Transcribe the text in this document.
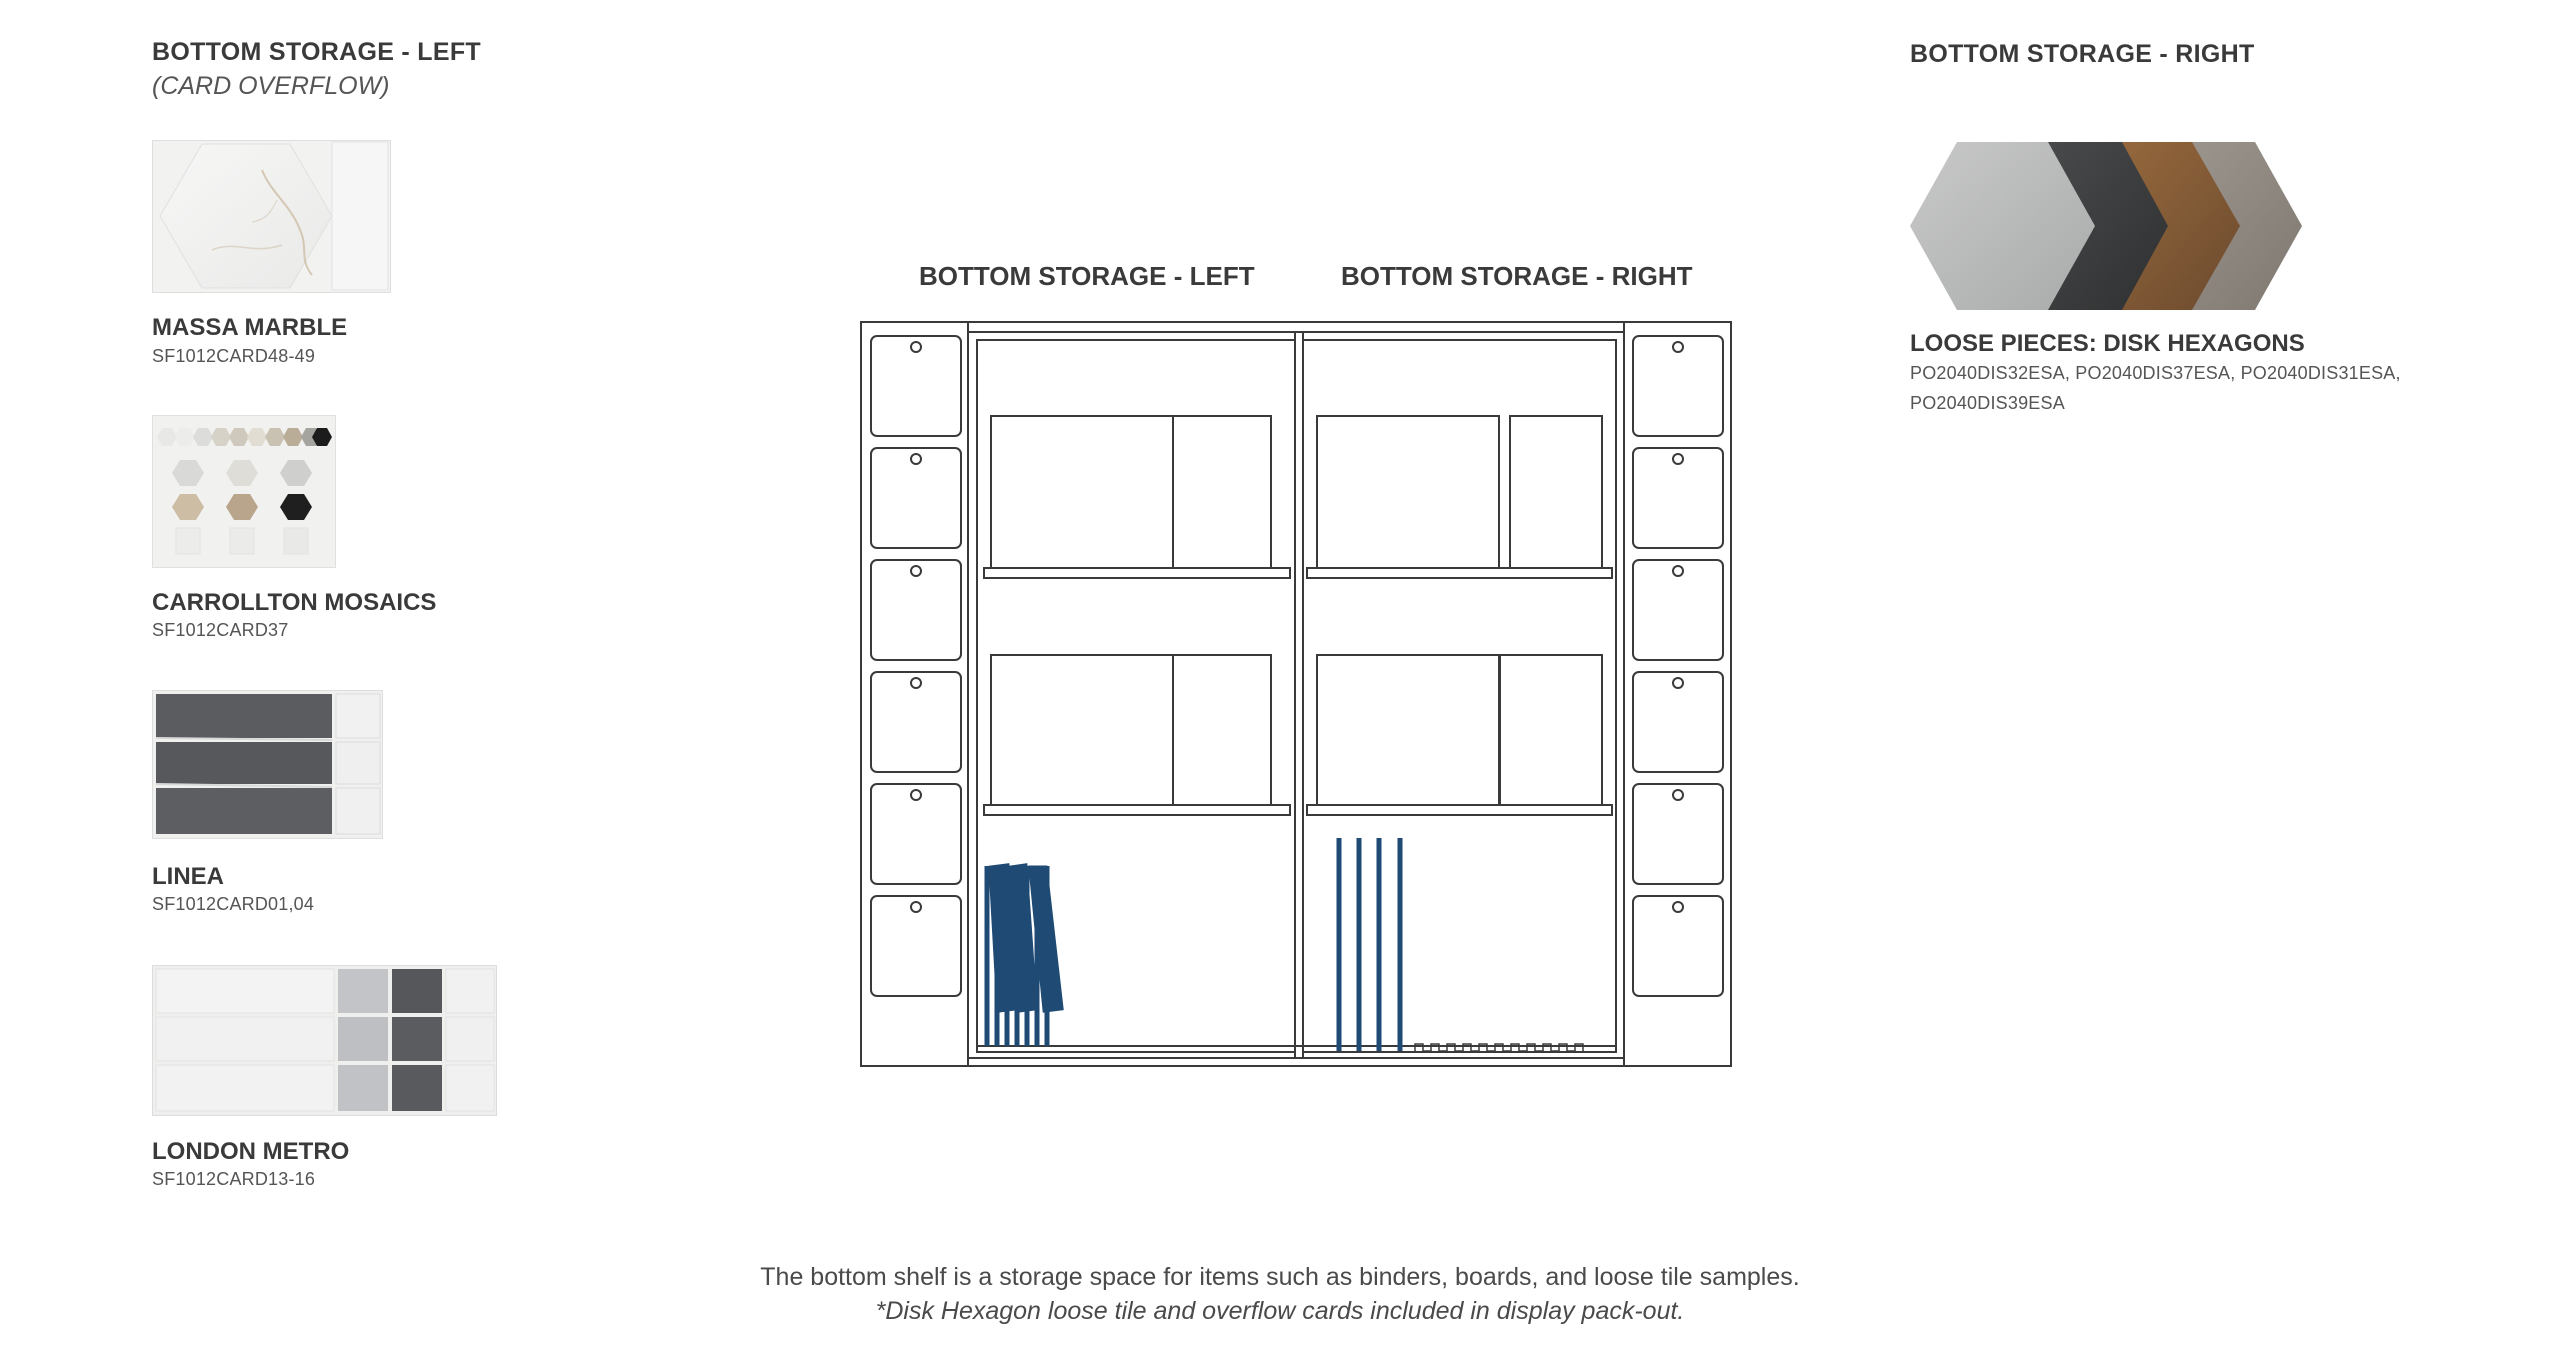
BOTTOM STORAGE - LEFT
(CARD OVERFLOW)
MASSA MARBLE
SF1012CARD48-49
CARROLLTON MOSAICS
SF1012CARD37
LINEA
SF1012CARD01,04
LONDON METRO
SF1012CARD13-16
BOTTOM STORAGE - LEFT	BOTTOM STORAGE - RIGHT
BOTTOM STORAGE - RIGHT
LOOSE PIECES: DISK HEXAGONS
PO2040DIS32ESA, PO2040DIS37ESA, PO2040DIS31ESA,
PO2040DIS39ESA
The bottom shelf is a storage space for items such as binders, boards, and loose tile samples.
*Disk Hexagon loose tile and overflow cards included in display pack-out.
